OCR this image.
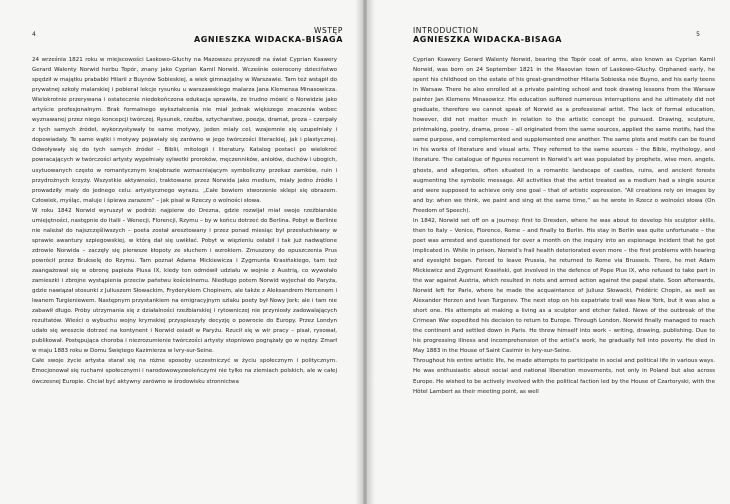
4	WSTĘP
AGNIESZKA WIDACKA-BISAGA

24 września 1821 roku w miejscowości Laskowo-Głuchy na Mazowszu przyszedł na świat Cyprian Ksawery Gerard Walenty Norwid herbu Topór, znany jako Cyprian Kamil Norwid. Wcześnie osierocony dzieciństwo spędził w majątku prababki Hilarii z Buynów Sobieskiej, a wiek gimnazjalny w Warszawie. Tam też wstąpił do prywatnej szkoły malarskiej i pobierał lekcje rysunku u warszawskiego malarza Jana Klemensa Minasowicza. Wielokrotnie przerywana i ostatecznie niedokończona edukacja sprawiła, że trudno mówić o Norwidzie jako artyście profesjonalnym. Brak formalnego wykształcenia nie miał jednak większego znaczenia wobec wyznawanej przez niego koncepcji twórczej. Rysunek, rzeźba, sztycharstwo, poezja, dramat, proza – czerpały z tych samych źródeł, wykorzystywały te same motywy, jeden miały cel, wzajemnie się uzupełniały i dopowiadały. Te same wątki i motywy pojawiały się zarówno w jego twórczości literackiej, jak i plastycznej. Odwoływały się do tych samych źródeł – Biblii, mitologii i literatury. Katalog postaci po wielokroć powracających w twórczości artysty wypełniały sylwetki proroków, męczenników, aniołów, duchów i ubogich, usytuowanych często w romantycznym krajobrazie wzmacniającym symboliczny przekaz zamków, ruin i przydrożnych krzyży. Wszystkie aktywności, traktowane przez Norwida jako medium, miały jedno źródło i prowadziły mały do jednego celu: artystycznego wyrazu. „Całe bowiem stworzenie sklepi się obrazem. Człowiek, myśląc, maluje i śpiewa zarazem” – jak pisał w Rzeczy o wolności słowa.

W roku 1842 Norwid wyruszył w podróż: najpierw do Drezna, gdzie rozwijał miał swoje rzeźbiarskie umiejętności, następnie do Italii – Wenecji, Florencji, Rzymu – by w końcu dotrzeć do Berlina. Pobyt w Berlinie nie należał do najszczęśliwszych – poeta został aresztowany i przez ponad miesiąc był przesłuchiwany w sprawie awantury szpiegowskiej, w którą dał się uwikłać. Pobyt w więzieniu osłabił i tak już nadwątlone zdrowie Norwida – zaczęły się pierwsze kłopoty ze słuchem i wzrokiem. Zmuszony do opuszczenia Prus powrócił przez Brukselę do Rzymu. Tam poznał Adama Mickiewicza i Zygmunta Krasińskiego, tam też zaangażował się w obronę papieża Piusa IX, kiedy ten odmówił udziału w wojnie z Austrią, co wywołało zamieszki i zbrojne wystąpienia przeciw państwu kościelnemu. Niedługo potem Norwid wyjechał do Paryża, gdzie nawiązał stosunki z Juliuszem Słowackim, Fryderykiem Chopinem, ale także z Aleksandrem Hercenem i Iwanem Turgieniewem. Następnym przystankiem na emigracyjnym szlaku poety był Nowy Jork; ale i tam nie zabawił długo. Próby utrzymania się z działalności rzeźbiarskiej i rytowniczej nie przyniosły zadowalających rezultatów. Wieści o wybuchu wojny krymskiej przyspieszyły decyzję o powrocie do Europy. Przez Londyn udało się wreszcie dotrzeć na kontynent i Norwid osiadł w Paryżu. Rzucił się w wir pracy – pisał, rysował, publikował. Postępująca choroba i niezrozumienie twórczości artysty stopniowo pogrążały go w nędzy. Zmarł w maju 1883 roku w Domu Świętego Kazimierza w Ivry-sur-Seine.

Całe swoje życie artysta starał się na różne sposoby uczestniczyć w życiu społecznym i politycznym. Emocjonował się ruchami społecznymi i narodowowyzwoleńczymi nie tylko na ziemiach polskich, ale w całej ówczesnej Europie. Chciał być aktywny zarówno w środowisku stronnictwa

5
INTRODUCTION
AGNIESZKA WIDACKA-BISAGA

Cyprian Ksawery Gerard Walenty Norwid, bearing the Topór coat of arms, also known as Cyprian Kamil Norwid, was born on 24 September 1821 in the Masovian town of Laskowo-Głuchy. Orphaned early, he spent his childhood on the estate of his great-grandmother Hilaria Sobieska née Buyno, and his early teens in Warsaw. There he also enrolled at a private painting school and took drawing lessons from the Warsaw painter Jan Klemens Minasowicz. His education suffered numerous interruptions and he ultimately did not graduate, therefore we cannot speak of Norwid as a professional artist. The lack of formal education, however, did not matter much in relation to the artistic concept he pursued. Drawing, sculpture, printmaking, poetry, drama, prose – all originated from the same sources, applied the same motifs, had the same purpose, and complemented and supplemented one another. The same plots and motifs can be found in his works of literature and visual arts. They referred to the same sources – the Bible, mythology, and literature. The catalogue of figures recurrent in Norwid’s art was populated by prophets, wise men, angels, ghosts, and allegories, often situated in a romantic landscape of castles, ruins, and ancient forests augmenting the symbolic message. All activities that the artist treated as a medium had a single source and were supposed to achieve only one goal – that of artistic expression. “All creations rely on images by and by: when we think, we paint and sing at the same time,” as he wrote in Rzecz o wolności słowa (On Freedom of Speech).

In 1842, Norwid set off on a journey: first to Dresden, where he was about to develop his sculptor skills, then to Italy – Venice, Florence, Rome – and finally to Berlin. His stay in Berlin was quite unfortunate – the poet was arrested and questioned for over a month on the inquiry into an espionage incident that he got implicated in. While in prison, Norwid’s frail health deteriorated even more – the first problems with hearing and eyesight began. Forced to leave Prussia, he returned to Rome via Brussels. There, he met Adam Mickiewicz and Zygmunt Krasiński, got involved in the defence of Pope Pius IX, who refused to take part in the war against Austria, which resulted in riots and armed action against the papal state. Soon afterwards, Norwid left for Paris, where he made the acquaintance of Juliusz Słowacki, Frédéric Chopin, as well as Alexander Herzen and Ivan Turgenev. The next stop on his expatriate trail was New York, but it was also a short one. His attempts at making a living as a sculptor and etcher failed. News of the outbreak of the Crimean War expedited his decision to return to Europe. Through London, Norwid finally managed to reach the continent and settled down in Paris. He threw himself into work – writing, drawing, publishing. Due to his progressing illness and incomprehension of the artist’s work, he gradually fell into poverty. He died in May 1883 in the House of Saint Casimir in Ivry-sur-Seine.

Throughout his entire artistic life, he made attempts to participate in social and political life in various ways. He was enthusiastic about social and national liberation movements, not only in Poland but also across Europe. He wished to be actively involved with the political faction led by the House of Czartoryski, with the Hôtel Lambert as their meeting point, as well
